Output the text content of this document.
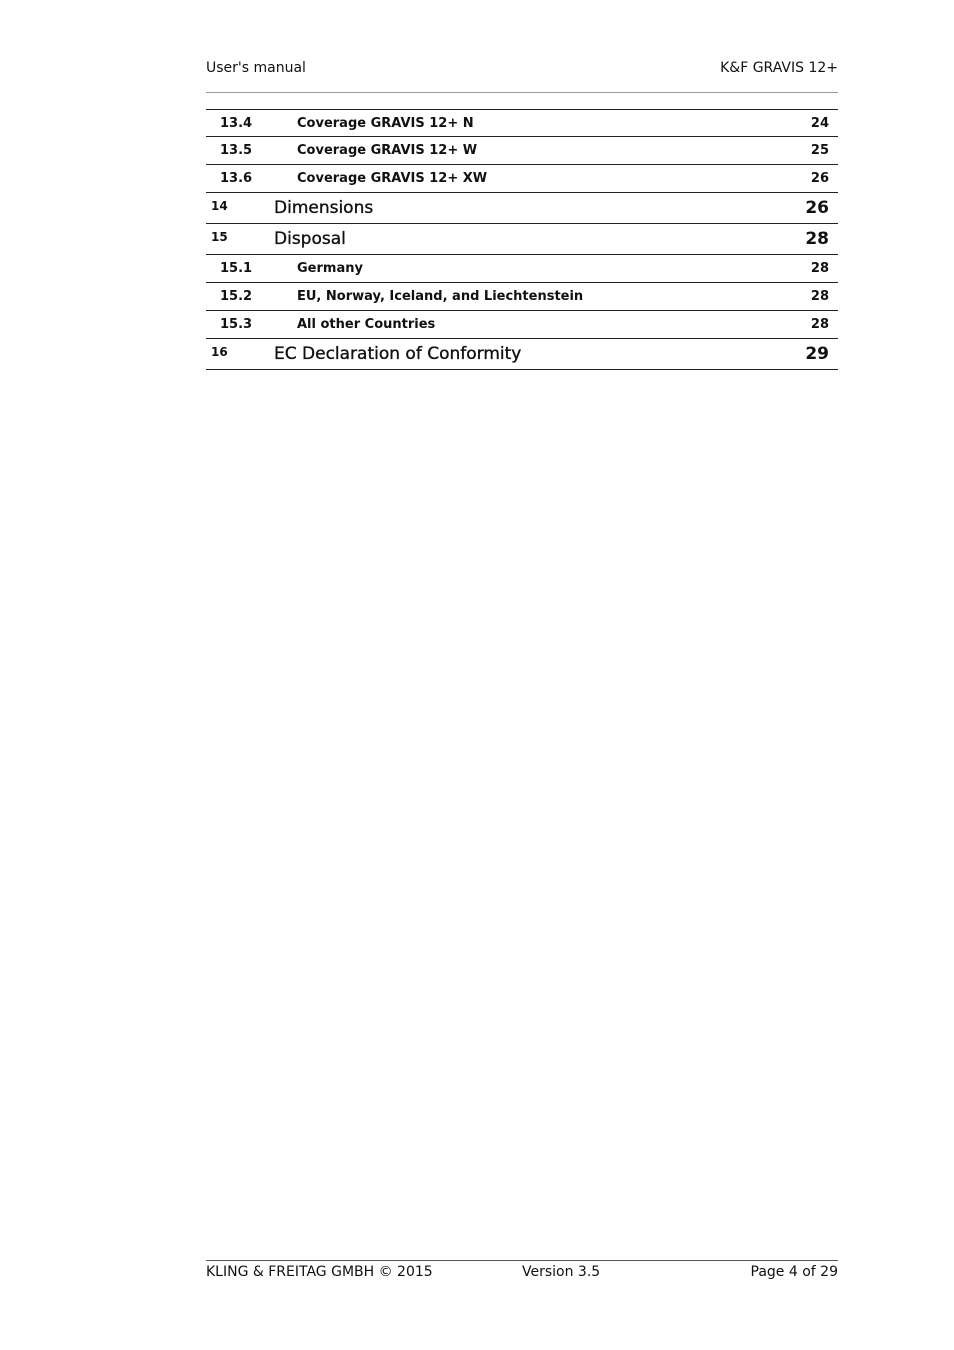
User's manual	K&F GRAVIS 12+
13.4	Coverage GRAVIS 12+ N	24
13.5	Coverage GRAVIS 12+ W	25
13.6	Coverage GRAVIS 12+ XW	26
14	Dimensions	26
15	Disposal	28
15.1	Germany	28
15.2	EU, Norway, Iceland, and Liechtenstein	28
15.3	All other Countries	28
16	EC Declaration of Conformity	29
KLING & FREITAG GMBH © 2015	Version 3.5	Page 4 of 29
